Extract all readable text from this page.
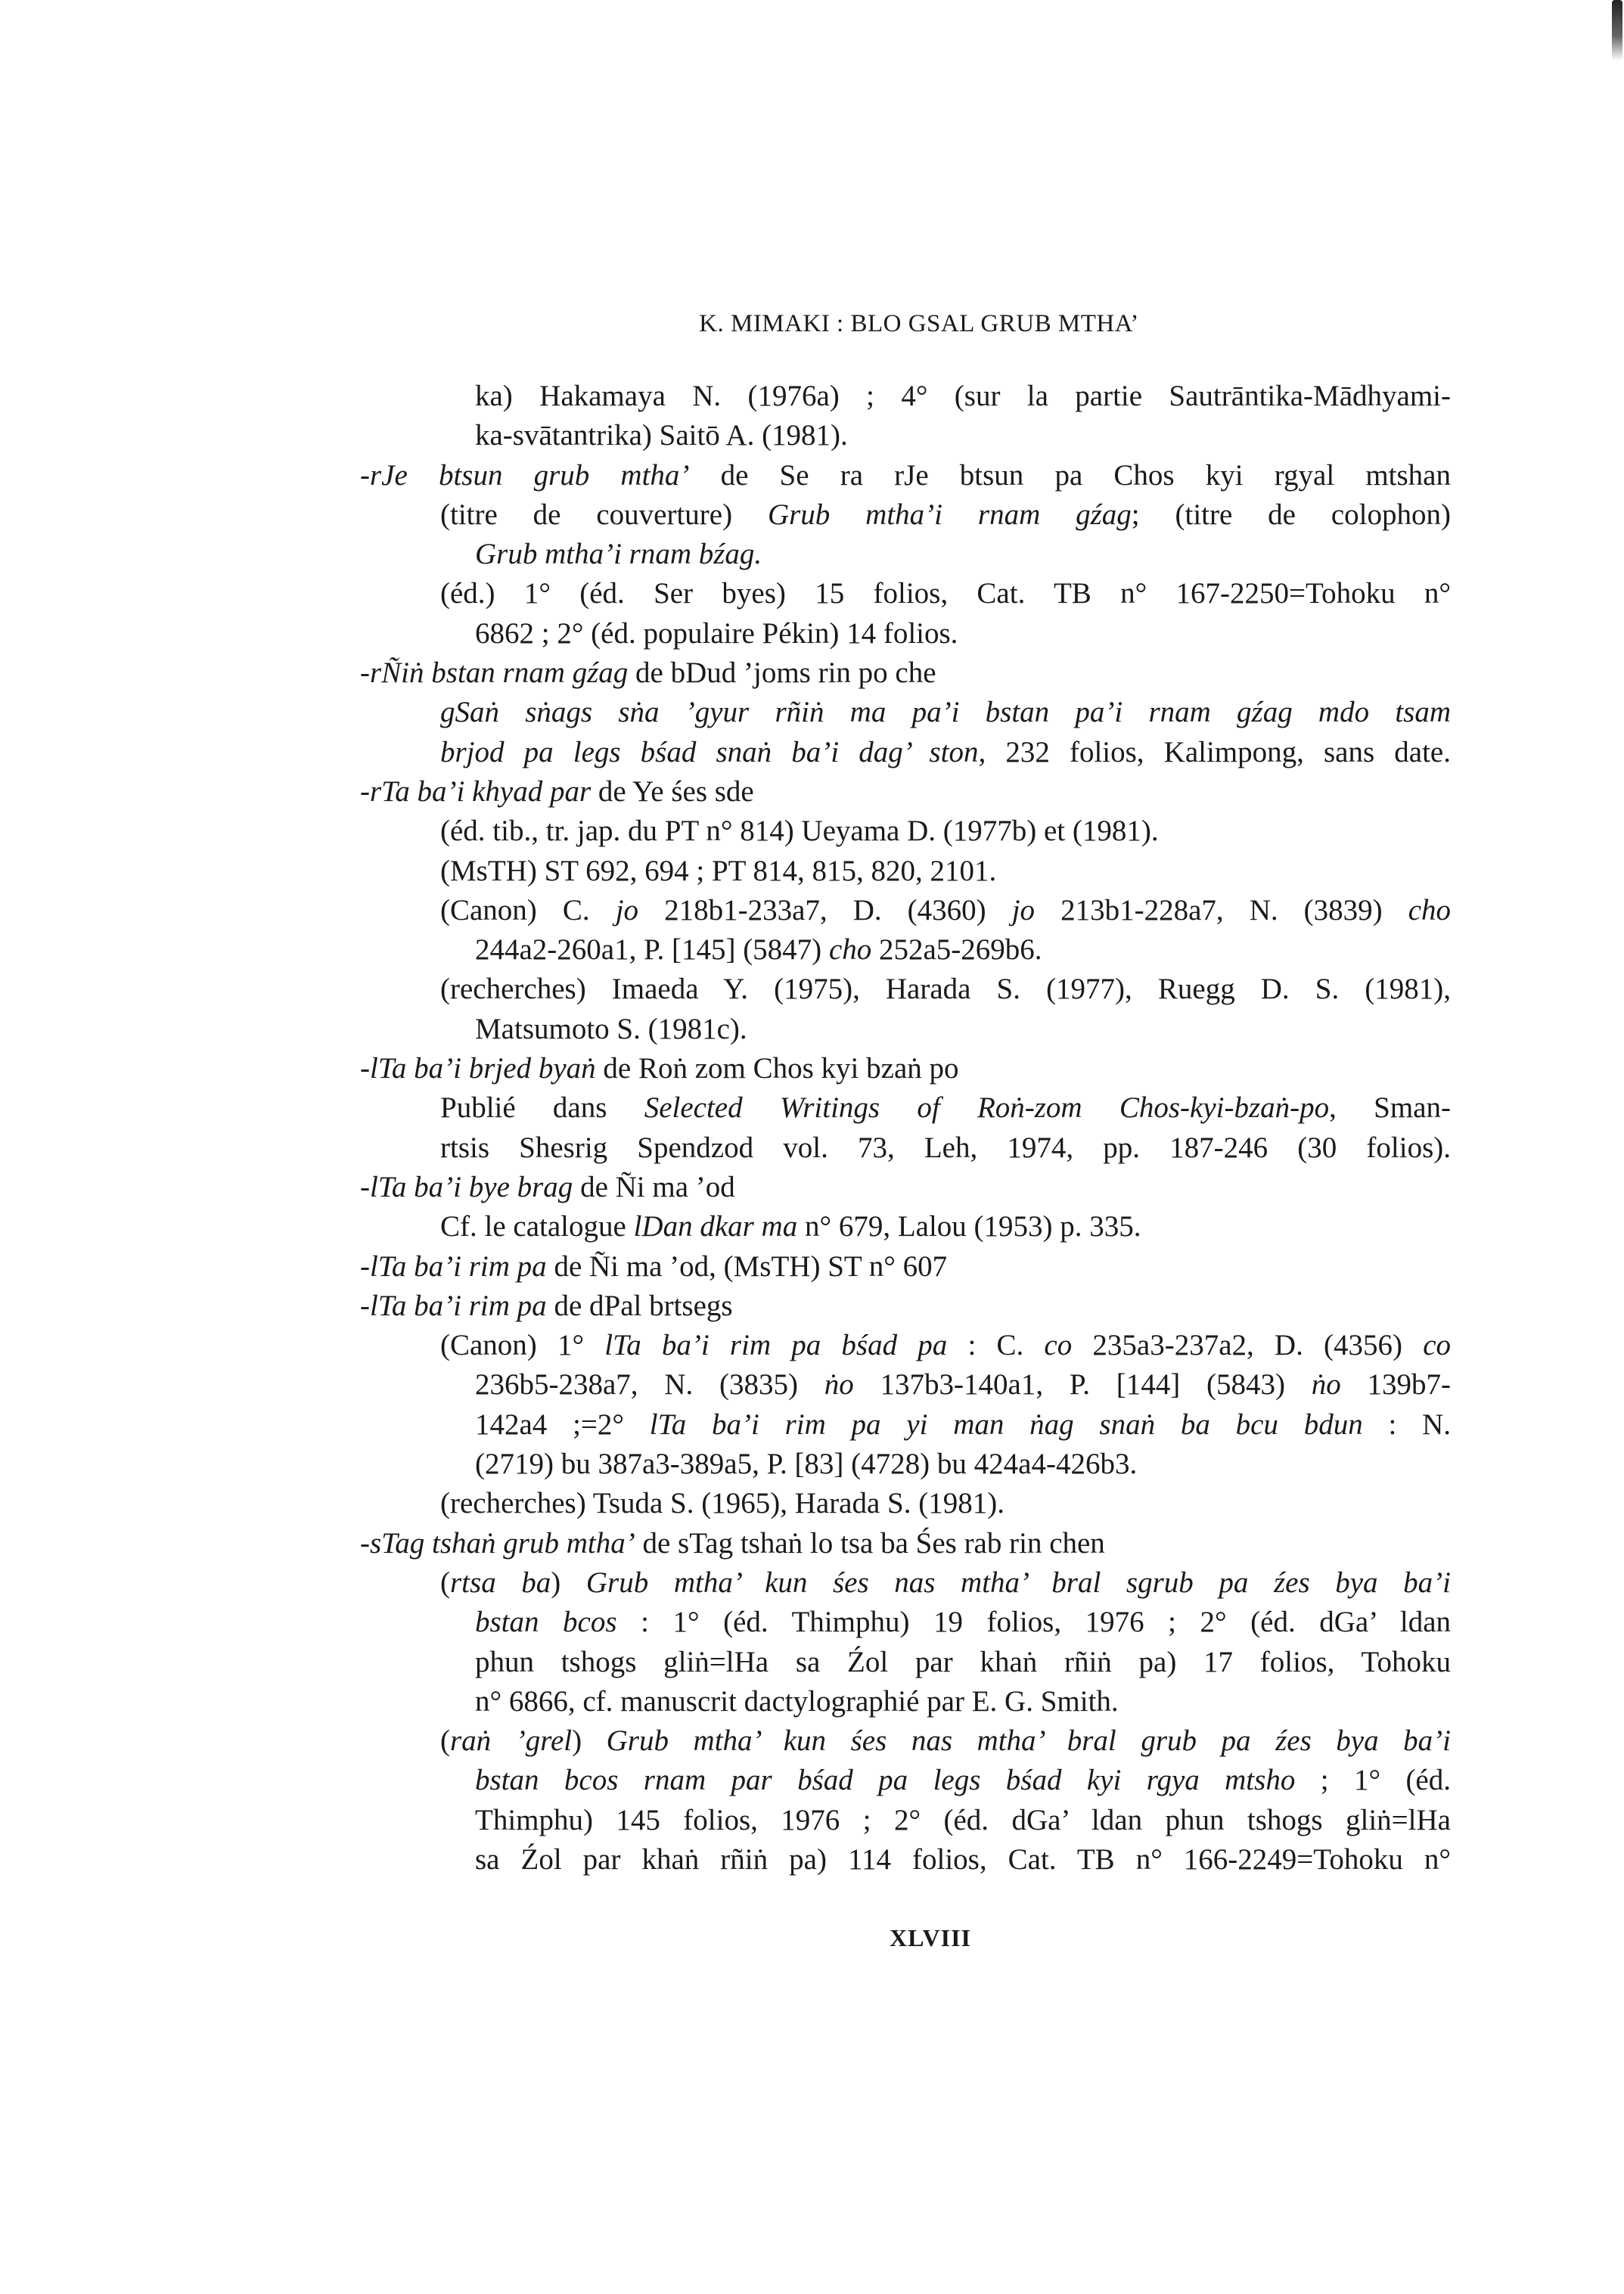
K. MIMAKI : BLO GSAL GRUB MTHA’
ka) Hakamaya N. (1976a) ; 4° (sur la partie Sautrāntika-Mādhyami-
ka-svātantrika) Saitō A. (1981).
-rJe btsun grub mtha’ de Se ra rJe btsun pa Chos kyi rgyal mtshan
(titre de couverture) Grub mtha’i rnam gźag; (titre de colophon)
Grub mtha’i rnam bźag.
(éd.) 1° (éd. Ser byes) 15 folios, Cat. TB n° 167-2250=Tohoku n°
6862 ; 2° (éd. populaire Pékin) 14 folios.
-rÑiṅ bstan rnam gźag de bDud ’joms rin po che
gSaṅ sṅags sṅa ’gyur rñiṅ ma pa’i bstan pa’i rnam gźag mdo tsam
brjod pa legs bśad snaṅ ba’i dag’ ston, 232 folios, Kalimpong, sans date.
-rTa ba’i khyad par de Ye śes sde
(éd. tib., tr. jap. du PT n° 814) Ueyama D. (1977b) et (1981).
(MsTH) ST 692, 694 ; PT 814, 815, 820, 2101.
(Canon) C. jo 218b1-233a7, D. (4360) jo 213b1-228a7, N. (3839) cho
244a2-260a1, P. [145] (5847) cho 252a5-269b6.
(recherches) Imaeda Y. (1975), Harada S. (1977), Ruegg D. S. (1981),
Matsumoto S. (1981c).
-lTa ba’i brjed byaṅ de Roṅ zom Chos kyi bzaṅ po
Publié dans Selected Writings of Roṅ-zom Chos-kyi-bzaṅ-po, Sman-
rtsis Shesrig Spendzod vol. 73, Leh, 1974, pp. 187-246 (30 folios).
-lTa ba’i bye brag de Ñi ma ’od
Cf. le catalogue lDan dkar ma n° 679, Lalou (1953) p. 335.
-lTa ba’i rim pa de Ñi ma ’od, (MsTH) ST n° 607
-lTa ba’i rim pa de dPal brtsegs
(Canon) 1° lTa ba’i rim pa bśad pa : C. co 235a3-237a2, D. (4356) co
236b5-238a7, N. (3835) ṅo 137b3-140a1, P. [144] (5843) ṅo 139b7-
142a4 ;=2° lTa ba’i rim pa yi man ṅag snaṅ ba bcu bdun : N.
(2719) bu 387a3-389a5, P. [83] (4728) bu 424a4-426b3.
(recherches) Tsuda S. (1965), Harada S. (1981).
-sTag tshaṅ grub mtha’ de sTag tshaṅ lo tsa ba Śes rab rin chen
(rtsa ba) Grub mtha’ kun śes nas mtha’ bral sgrub pa źes bya ba’i
bstan bcos : 1° (éd. Thimphu) 19 folios, 1976 ; 2° (éd. dGa’ ldan
phun tshogs gliṅ=lHa sa Źol par khaṅ rñiṅ pa) 17 folios, Tohoku
n° 6866, cf. manuscrit dactylographié par E. G. Smith.
(raṅ ’grel) Grub mtha’ kun śes nas mtha’ bral grub pa źes bya ba’i
bstan bcos rnam par bśad pa legs bśad kyi rgya mtsho ; 1° (éd.
Thimphu) 145 folios, 1976 ; 2° (éd. dGa’ ldan phun tshogs gliṅ=lHa
sa Źol par khaṅ rñiṅ pa) 114 folios, Cat. TB n° 166-2249=Tohoku n°
XLVIII
